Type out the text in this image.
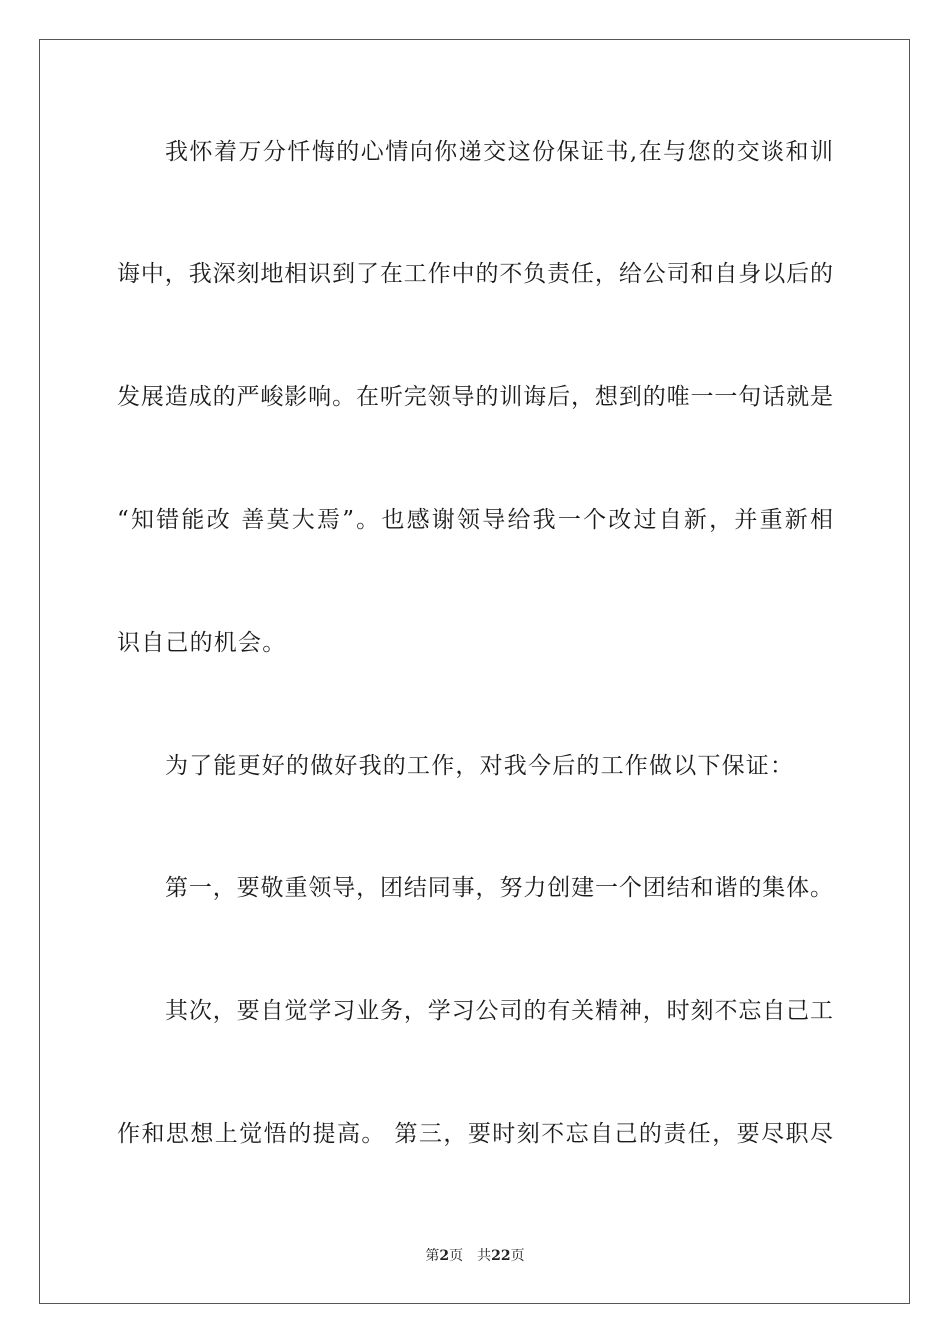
我怀着万分忏悔的心情向你递交这份保证书,在与您的交谈和训
诲中，我深刻地相识到了在工作中的不负责任，给公司和自身以后的
发展造成的严峻影响。在听完领导的训诲后，想到的唯一一句话就是
“知错能改 善莫大焉”。也感谢领导给我一个改过自新，并重新相
识自己的机会。
为了能更好的做好我的工作，对我今后的工作做以下保证：
第一，要敬重领导，团结同事，努力创建一个团结和谐的集体。
其次，要自觉学习业务，学习公司的有关精神，时刻不忘自己工
作和思想上觉悟的提高。 第三，要时刻不忘自己的责任，要尽职尽
第2页 共22页
